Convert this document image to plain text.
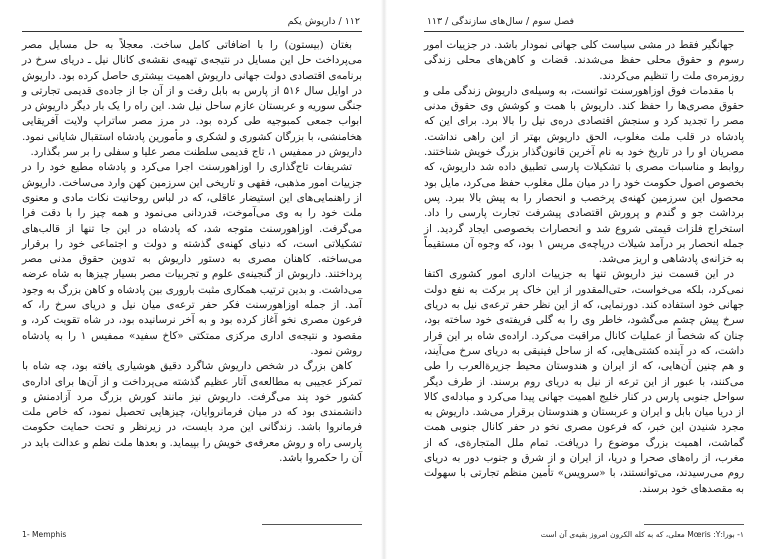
۱۱۲ / داریوش یکم

بغتان (بیستون) را با اضافاتی کامل ساخت. معجلاً به حل مسایل مصر می‌پرداخت حل این مسایل در نتیجه‌ی تهیه‌ی نقشه‌ی کانال نیل ـ دریای سرخ در برنامه‌ی اقتصادی دولت جهانی داریوش اهمیت بیشتری حاصل کرده بود. داریوش در اوایل سال ۵۱۶ از پارس به بابل رفت و از آن جا از جاده‌ی قدیمی تجارتی و جنگی سوریه و عربستان عازم ساحل نیل شد. این راه را یک بار دیگر داریوش در ابواب جمعی کمبوجیه طی کرده بود. در مرز مصر ساتراپ ولایت آفریقایی هخامنشی، با بزرگان کشوری و لشکری و مأمورین پادشاه استقبال شایانی نمود. داریوش در ممفیس ۱، تاج قدیمی سلطنت مصر علیا و سفلی را بر سر بگذارد.

تشریفات تاج‌گذاری را اوزاهورسنت اجرا می‌کرد و پادشاه مطیع خود را در جزییات امور مذهبی، فقهی و تاریخی این سرزمین کهن وارد می‌ساخت. داریوش از راهنمایی‌های این استیضار عاقلی، که در لباس روحانیت نکات مادی و معنوی ملت خود را به وی می‌آموخت، قدردانی می‌نمود و همه چیز را با دقت فرا می‌گرفت. اوزاهورسنت متوجه شد، که پادشاه در این جا تنها از قالب‌های تشکیلاتی است، که دنیای کهنه‌ی گذشته و دولت و اجتماعی خود را برقرار می‌ساخته. کاهنان مصری به دستور داریوش به تدوین حقوق مدنی مصر پرداختند. داریوش از گنجینه‌ی علوم و تجربیات مصر بسیار چیزها به شاه عرضه می‌داشت. و بدین ترتیب همکاری مثبت باروری بین پادشاه و کاهن بزرگ به وجود آمد. از جمله اوزاهورسنت فکر حفر ترعه‌ی میان نیل و دریای سرخ را، که فرعون مصری نخو آغاز کرده بود و به آخر نرسانیده بود، در شاه تقویت کرد، و مقصود و نتیجه‌ی اداری مرکزی ممتکتی «کاخ سفید» ممفیس ۱ را به پادشاه روشن نمود.

کاهن بزرگ در شخص داریوش شاگرد دقیق هوشیاری یافته بود، چه شاه با تمرکز عجیبی به مطالعه‌ی آثار عظیم گذشته می‌پرداخت و از آن‌ها برای اداره‌ی کشور خود پند می‌گرفت. داریوش نیز مانند کورش بزرگ مرد آزادمنش و دانشمندی بود که در میان فرمانروایان، چیزهایی تحصیل نمود، که خاص ملت فرمانروا باشد. زندگانی این مرد بایست، در زیرنظر و تحت حمایت حکومت پارسی راه و روش معرفه‌ی خویش را بپیماید. و بعدها ملت نظم و عدالت باید در آن را حکمروا باشد.

1- Memphis
فصل سوم / سال‌های سازندگی / ۱۱۳

جهانگیر فقط در مشی سیاست کلی جهانی نمودار باشد. در جزییات امور رسوم و حقوق محلی حفظ می‌شدند. قضات و کاهن‌های محلی زندگی روزمره‌ی ملت را تنظیم می‌کردند.

با مقدمات فوق اوزاهورسنت توانست، به وسیله‌ی داریوش زندگی ملی و حقوق مصری‌ها را حفظ کند. داریوش با همت و کوشش وی حقوق مدنی مصر را تجدید کرد و سنجش اقتصادی دره‌ی نیل را بالا برد. برای این که پادشاه در قلب ملت مغلوب، الحق داریوش بهتر از این راهی نداشت. مصریان او را در تاریخ خود به نام آخرین قانون‌گذار بزرگ خویش شناختند. روابط و مناسبات مصری با تشکیلات پارسی تطبیق داده شد داریوش، که بخصوص اصول حکومت خود را در میان ملل مغلوب حفظ می‌کرد، مایل بود محصول این سرزمین کهنه‌ی پرخصب و انحصار را به پیش بالا ببرد. پس برداشت جو و گندم و پرورش اقتصادی پیشرفت تجارت پارسی را داد. استخراج فلزات قیمتی شروع شد و انحصارات بخصوصی ایجاد گردید. از جمله انحصار بر درآمد شیلات دریاچه‌ی مریس ۱ بود، که وجوه آن مستقیماً به خزانه‌ی پادشاهی و اریز می‌شد.

در این قسمت نیز داریوش تنها به جزییات اداری امور کشوری اکتفا نمی‌کرد، بلکه می‌خواست، حتی‌المقدور از این خاک پر برکت به نفع دولت جهانی خود استفاده کند. دورنمایی، که از این نظر حفر ترعه‌ی نیل به دریای سرخ پیش چشم می‌گشود، خاطر وی را به گلی فریفته‌ی خود ساخته بود، چنان که شخصاً از عملیات کانال مراقبت می‌کرد. اراده‌ی شاه بر این قرار داشت، که در آینده کشتی‌هایی، که از ساحل فینیقی به دریای سرخ می‌آیند، و هم چنین آن‌هایی، که از ایران و هندوستان محیط جزیرةالعرب را طی می‌کنند، با عبور از این ترعه از نیل به دریای روم برسند. از طرف دیگر سواحل جنوبی پارس در کنار خلیج اهمیت جهانی پیدا می‌کرد و مبادله‌ی کالا از دریا میان بابل و ایران و عربستان و هندوستان برقرار می‌شد. داریوش به مجرد شنیدن این خبر، که فرعون مصری نخو در حفر کانال جنوبی همت گماشت، اهمیت بزرگ موضوع را دریافت. تمام ملل المتجارة‌ی، که از مغرب، از راه‌های صحرا و دریا، از ایران و از شرق و جنوب دور به دریای روم می‌رسیدند، می‌توانستند، با «سرویس» تأمین منظم تجارتی با سهولت به مقصدهای خود برسند.

۱- بورا:Mœris :Y معلی، که به کله الکرون امروز بقیه‌ی آن است
